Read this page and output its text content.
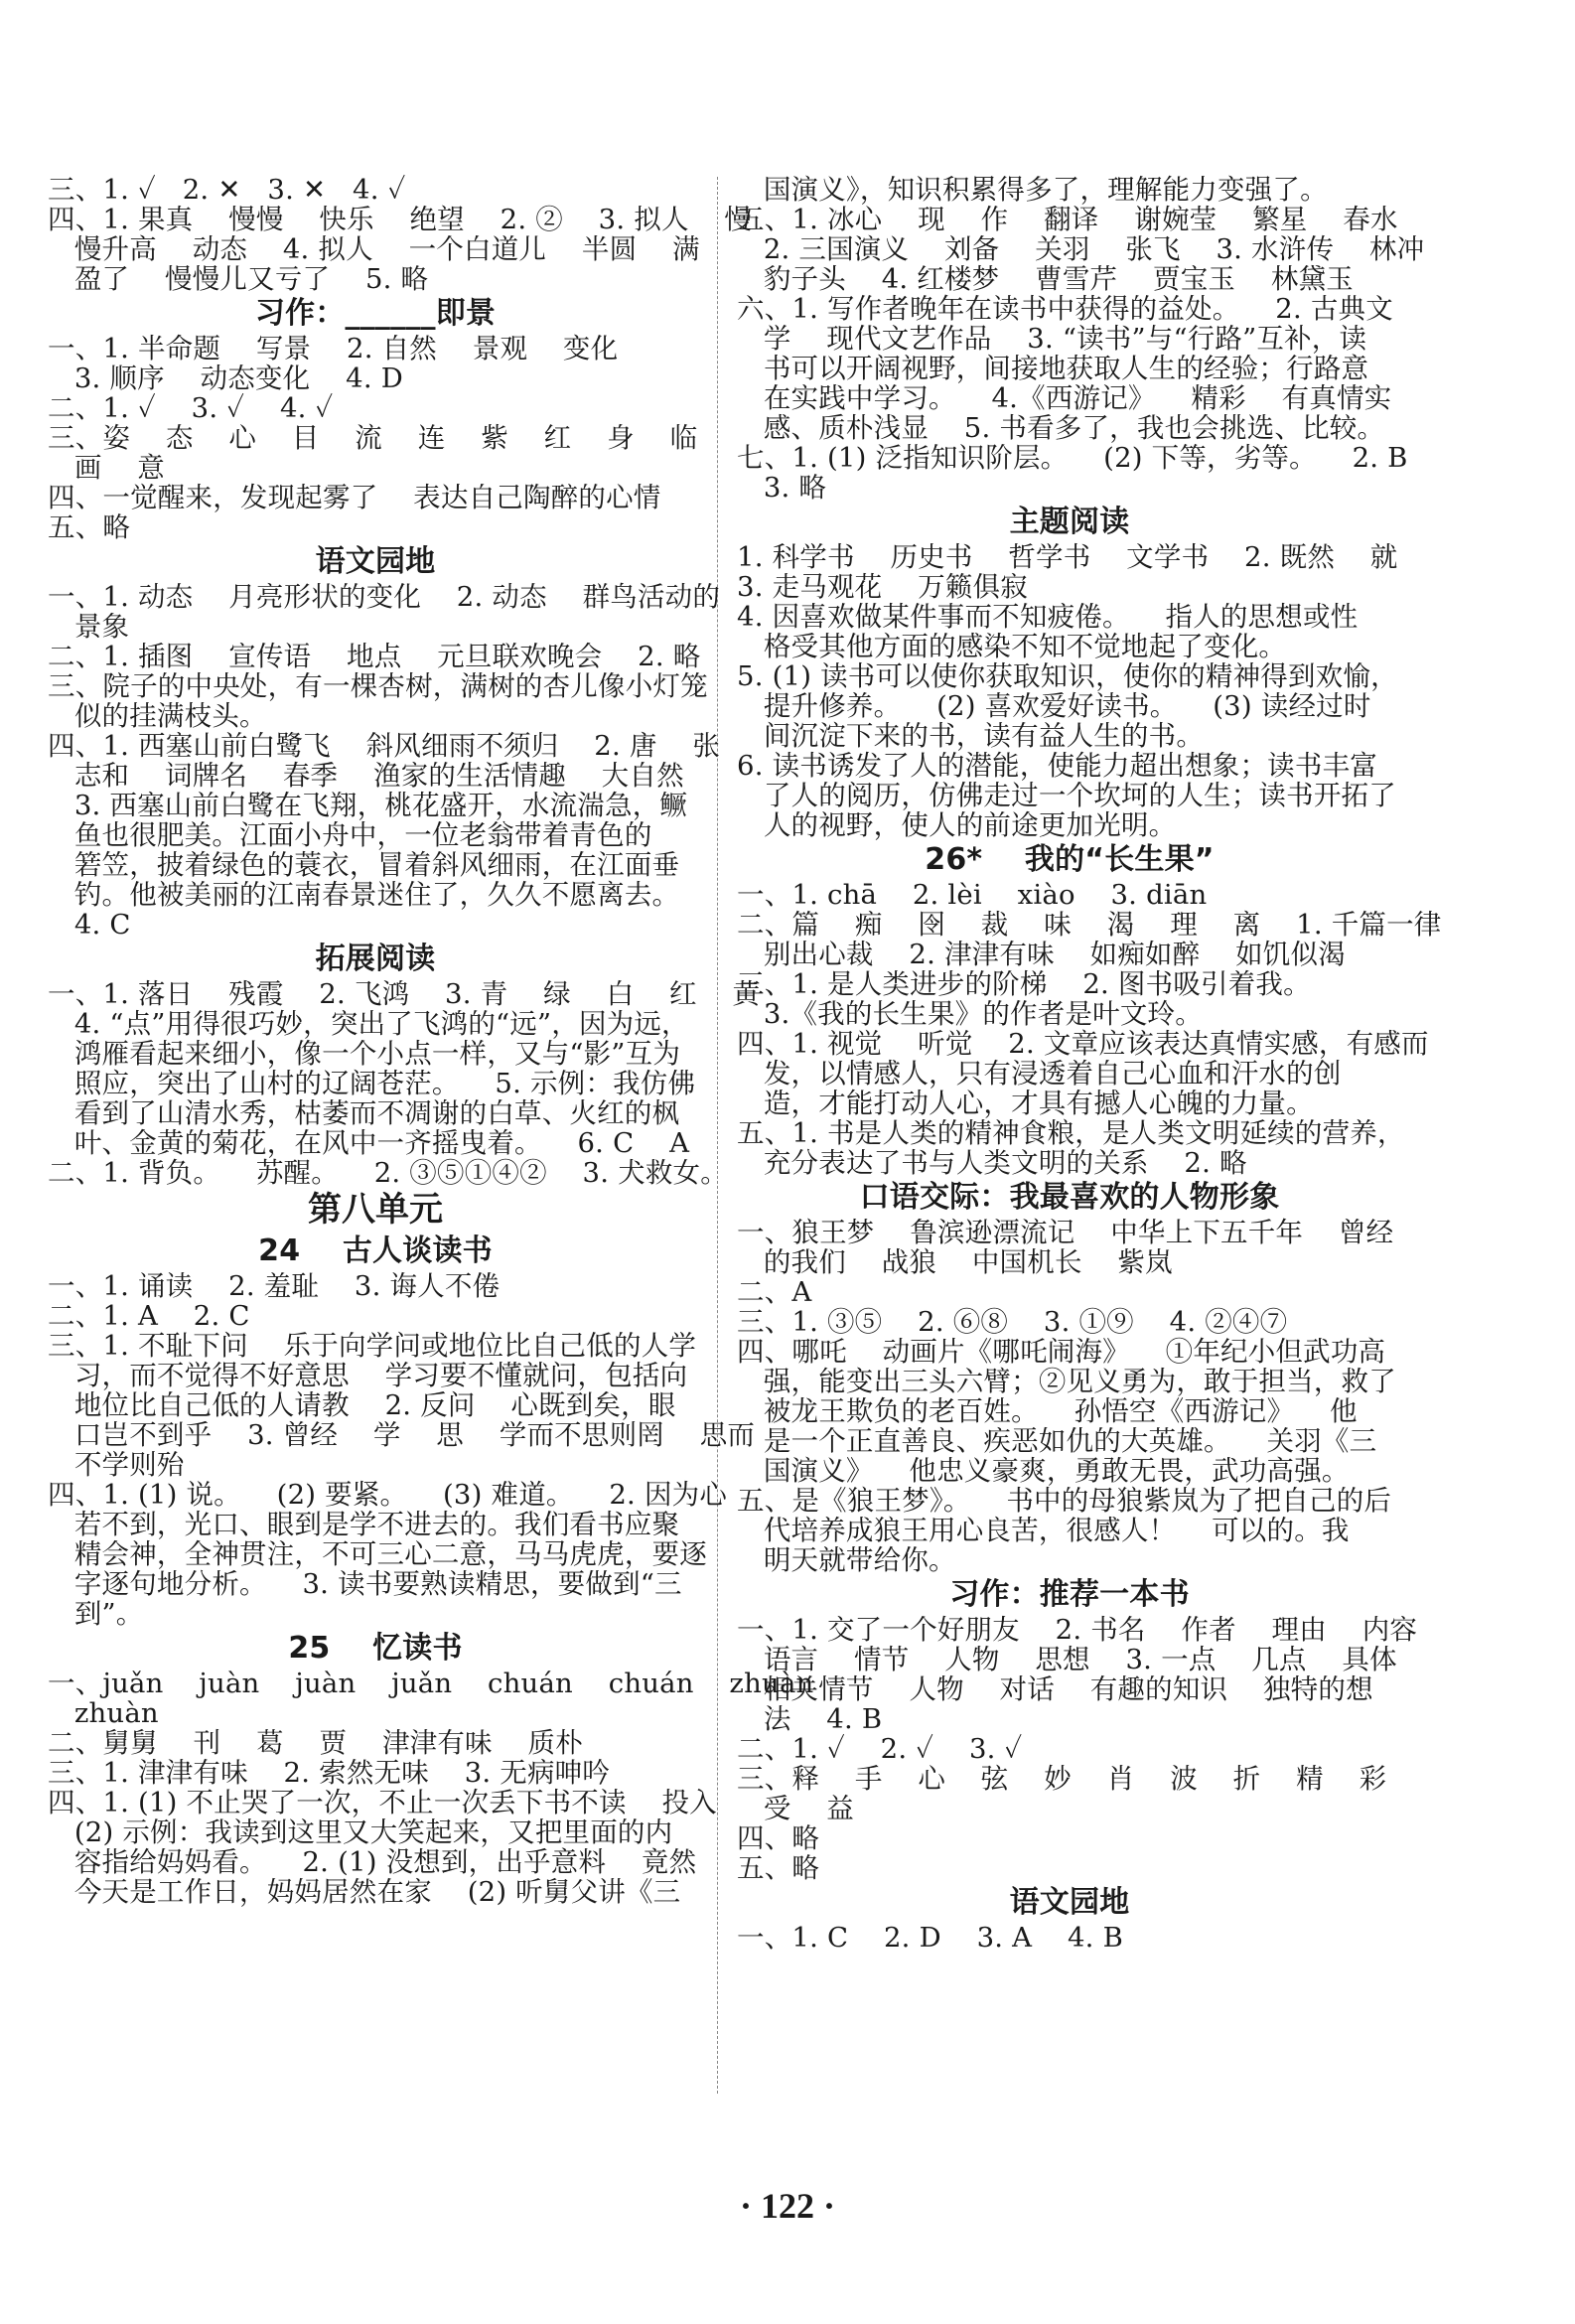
三、1. ✓   2. ✕   3. ✕   4. ✓
四、1. 果真    慢慢    快乐    绝望    2. ②    3. 拟人    慢
慢升高    动态    4. 拟人    一个白道儿    半圆    满
盈了    慢慢儿又亏了    5. 略
习作：______即景
一、1. 半命题    写景    2. 自然    景观    变化
3. 顺序    动态变化    4. D
二、1. ✓    3. ✓    4. ✓
三、姿    态    心    目    流    连    紫    红    身    临
画    意
四、一觉醒来，发现起雾了    表达自己陶醉的心情
五、略
语文园地
一、1. 动态    月亮形状的变化    2. 动态    群鸟活动的
景象
二、1. 插图    宣传语    地点    元旦联欢晚会    2. 略
三、院子的中央处，有一棵杏树，满树的杏儿像小灯笼
似的挂满枝头。
四、1. 西塞山前白鹭飞    斜风细雨不须归    2. 唐    张
志和    词牌名    春季    渔家的生活情趣    大自然
3. 西塞山前白鹭在飞翔，桃花盛开，水流湍急，鳜
鱼也很肥美。江面小舟中，一位老翁带着青色的
箬笠，披着绿色的蓑衣，冒着斜风细雨，在江面垂
钓。他被美丽的江南春景迷住了，久久不愿离去。
4. C
拓展阅读
一、1. 落日    残霞    2. 飞鸿    3. 青    绿    白    红    黄
4. “点”用得很巧妙，突出了飞鸿的“远”，因为远，
鸿雁看起来细小，像一个小点一样，又与“影”互为
照应，突出了山村的辽阔苍茫。    5. 示例：我仿佛
看到了山清水秀，枯萎而不凋谢的白草、火红的枫
叶、金黄的菊花，在风中一齐摇曳着。    6. C    A
二、1. 背负。    苏醒。    2. ③⑤①④②    3. 犬救女。
第八单元
24    古人谈读书
一、1. 诵读    2. 羞耻    3. 诲人不倦
二、1. A    2. C
三、1. 不耻下问    乐于向学问或地位比自己低的人学
习，而不觉得不好意思    学习要不懂就问，包括向
地位比自己低的人请教    2. 反问    心既到矣，眼
口岂不到乎    3. 曾经    学    思    学而不思则罔    思而
不学则殆
四、1. (1) 说。    (2) 要紧。    (3) 难道。    2. 因为心
若不到，光口、眼到是学不进去的。我们看书应聚
精会神，全神贯注，不可三心二意，马马虎虎，要逐
字逐句地分析。    3. 读书要熟读精思，要做到“三
到”。
25    忆读书
一、juǎn    juàn    juàn    juǎn    chuán    chuán    zhuàn
zhuàn
二、舅舅    刊    葛    贾    津津有味    质朴
三、1. 津津有味    2. 索然无味    3. 无病呻吟
四、1. (1) 不止哭了一次，不止一次丢下书不读    投入
(2) 示例：我读到这里又大笑起来，又把里面的内
容指给妈妈看。    2. (1) 没想到，出乎意料    竟然
今天是工作日，妈妈居然在家    (2) 听舅父讲《三
国演义》，知识积累得多了，理解能力变强了。
五、1. 冰心    现    作    翻译    谢婉莹    繁星    春水
2. 三国演义    刘备    关羽    张飞    3. 水浒传    林冲
豹子头    4. 红楼梦    曹雪芹    贾宝玉    林黛玉
六、1. 写作者晚年在读书中获得的益处。    2. 古典文
学    现代文艺作品    3. “读书”与“行路”互补，读
书可以开阔视野，间接地获取人生的经验；行路意
在实践中学习。    4.《西游记》    精彩    有真情实
感、质朴浅显    5. 书看多了，我也会挑选、比较。
七、1. (1) 泛指知识阶层。    (2) 下等，劣等。    2. B
3. 略
主题阅读
1. 科学书    历史书    哲学书    文学书    2. 既然    就
3. 走马观花    万籁俱寂
4. 因喜欢做某件事而不知疲倦。    指人的思想或性
格受其他方面的感染不知不觉地起了变化。
5. (1) 读书可以使你获取知识，使你的精神得到欢愉，
提升修养。    (2) 喜欢爱好读书。    (3) 读经过时
间沉淀下来的书，读有益人生的书。
6. 读书诱发了人的潜能，使能力超出想象；读书丰富
了人的阅历，仿佛走过一个坎坷的人生；读书开拓了
人的视野，使人的前途更加光明。
26*    我的“长生果”
一、1. chā    2. lèi    xiào    3. diān
二、篇    痴    囹    裁    味    渴    理    离    1. 千篇一律
别出心裁    2. 津津有味    如痴如醉    如饥似渴
三、1. 是人类进步的阶梯    2. 图书吸引着我。
3.《我的长生果》的作者是叶文玲。
四、1. 视觉    听觉    2. 文章应该表达真情实感，有感而
发，以情感人，只有浸透着自己心血和汗水的创
造，才能打动人心，才具有撼人心魄的力量。
五、1. 书是人类的精神食粮，是人类文明延续的营养，
充分表达了书与人类文明的关系    2. 略
口语交际：我最喜欢的人物形象
一、狼王梦    鲁滨逊漂流记    中华上下五千年    曾经
的我们    战狼    中国机长    紫岚
二、A
三、1. ③⑤    2. ⑥⑧    3. ①⑨    4. ②④⑦
四、哪吒    动画片《哪吒闹海》    ①年纪小但武功高
强，能变出三头六臂；②见义勇为，敢于担当，救了
被龙王欺负的老百姓。    孙悟空《西游记》    他
是一个正直善良、疾恶如仇的大英雄。    关羽《三
国演义》    他忠义豪爽，勇敢无畏，武功高强。
五、是《狼王梦》。    书中的母狼紫岚为了把自己的后
代培养成狼王用心良苦，很感人！    可以的。我
明天就带给你。
习作：推荐一本书
一、1. 交了一个好朋友    2. 书名    作者    理由    内容
语言    情节    人物    思想    3. 一点    几点    具体
相关情节    人物    对话    有趣的知识    独特的想
法    4. B
二、1. ✓    2. ✓    3. ✓
三、释    手    心    弦    妙    肖    波    折    精    彩
受    益
四、略
五、略
语文园地
一、1. C    2. D    3. A    4. B
· 122 ·
